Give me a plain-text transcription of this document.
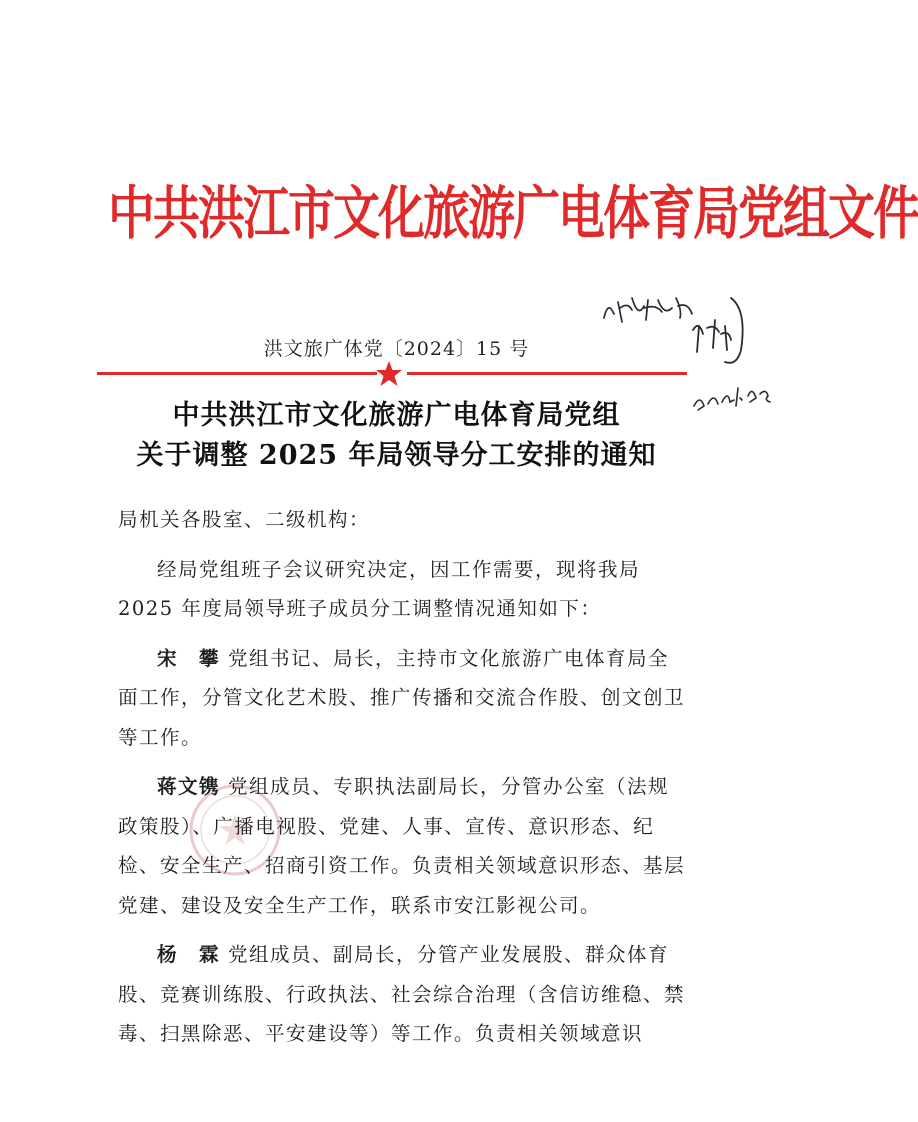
中共洪江市文化旅游广电体育局党组文件
洪文旅广体党〔2024〕15 号
中共洪江市文化旅游广电体育局党组
关于调整 2025 年局领导分工安排的通知

局机关各股室、二级机构：

经局党组班子会议研究决定，因工作需要，现将我局 2025 年度局领导班子成员分工调整情况通知如下：

宋　攀 党组书记、局长，主持市文化旅游广电体育局全面工作，分管文化艺术股、推广传播和交流合作股、创文创卫等工作。

蒋文镌 党组成员、专职执法副局长，分管办公室（法规政策股）、广播电视股、党建、人事、宣传、意识形态、纪检、安全生产、招商引资工作。负责相关领域意识形态、基层党建、建设及安全生产工作，联系市安江影视公司。

杨　霖 党组成员、副局长，分管产业发展股、群众体育股、竞赛训练股、行政执法、社会综合治理（含信访维稳、禁毒、扫黑除恶、平安建设等）等工作。负责相关领域意识
